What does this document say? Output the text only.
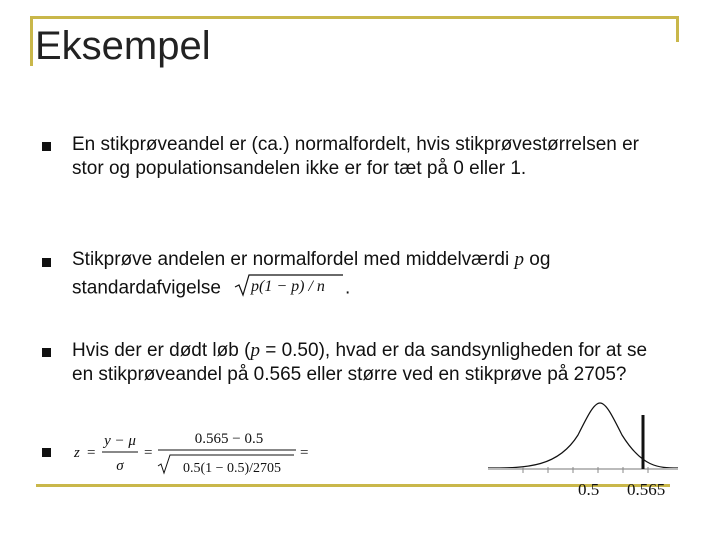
Eksempel
En stikprøveandel er (ca.) normalfordelt, hvis stikprøvestørrelsen er stor og populationsandelen ikke er for tæt på 0 eller 1.
Stikprøve andelen er normalfordel med middelværdi p og standardafvigelse p(1 − p) / n .
Hvis der er dødt løb (p = 0.50), hvad er da sandsynligheden for at se en stikprøveandel på 0.565 eller større ved en stikprøve på 2705?
z =
y − μ
σ
=
0.565 − 0.5
0.5(1 − 0.5)/2705
=
0.5 0.565
